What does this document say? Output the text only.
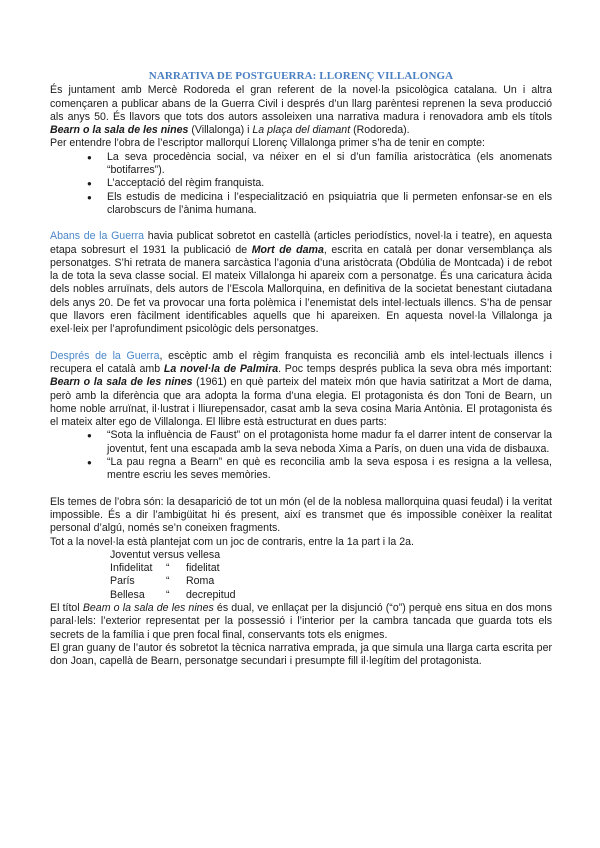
NARRATIVA DE POSTGUERRA: LLORENÇ VILLALONGA

És juntament amb Mercè Rodoreda el gran referent de la novel·la psicològica catalana. Un i altra començaren a publicar abans de la Guerra Civil i després d’un llarg parèntesi reprenen la seva producció als anys 50. És llavors que tots dos autors assoleixen una narrativa madura i renovadora amb els títols Bearn o la sala de les nines (Villalonga) i La plaça del diamant (Rodoreda).

Per entendre l’obra de l’escriptor mallorquí Llorenç Villalonga primer s’ha de tenir en compte:

● La seva procedència social, va néixer en el si d’un família aristocràtica (els anomenats “botifarres”).
● L’acceptació del règim franquista.
● Els estudis de medicina i l’especialització en psiquiatria que li permeten enfonsar-se en els clarobscurs de l’ànima humana.

Abans de la Guerra havia publicat sobretot en castellà (articles periodístics, novel·la i teatre), en aquesta etapa sobresurt el 1931 la publicació de Mort de dama, escrita en català per donar versemblança als personatges. S’hi retrata de manera sarcàstica l’agonia d’una aristòcrata (Obdúlia de Montcada) i de rebot la de tota la seva classe social. El mateix Villalonga hi apareix com a personatge. És una caricatura àcida dels nobles arruïnats, dels autors de l’Escola Mallorquina, en definitiva de la societat benestant ciutadana dels anys 20. De fet va provocar una forta polèmica i l’enemistat dels intel·lectuals illencs. S’ha de pensar que llavors eren fàcilment identificables aquells que hi apareixen. En aquesta novel·la Villalonga ja exel·leix per l’aprofundiment psicològic dels personatges.

Després de la Guerra, escèptic amb el règim franquista es reconcilià amb els intel·lectuals illencs i recupera el català amb La novel·la de Palmira. Poc temps després publica la seva obra més important: Bearn o la sala de les nines (1961) en què parteix del mateix món que havia satiritzat a Mort de dama, però amb la diferència que ara adopta la forma d’una elegia. El protagonista és don Toni de Bearn, un home noble arruïnat, il·lustrat i lliurepensador, casat amb la seva cosina Maria Antònia. El protagonista és el mateix alter ego de Villalonga. El llibre està estructurat en dues parts:

● “Sota la influència de Faust” on el protagonista home madur fa el darrer intent de conservar la joventut, fent una escapada amb la seva neboda Xima a París, on duen una vida de disbauxa.
● “La pau regna a Bearn” en què es reconcilia amb la seva esposa i es resigna a la vellesa, mentre escriu les seves memòries.

Els temes de l’obra són: la desaparició de tot un món (el de la noblesa mallorquina quasi feudal) i la veritat impossible. És a dir l’ambigüitat hi és present, així es transmet que és impossible conèixer la realitat personal d’algú, només se’n coneixen fragments.

Tot a la novel·la està plantejat com un joc de contraris, entre la 1a part i la 2a.

Joventut versus vellesa
Infidelitat	“	fidelitat
París	“	Roma
Bellesa	“	decrepitud

El títol Beam o la sala de les nines és dual, ve enllaçat per la disjunció (“o”) perquè ens situa en dos mons paral·lels: l’exterior representat per la possessió i l’interior per la cambra tancada que guarda tots els secrets de la família i que pren focal final, conservants tots els enigmes.

El gran guany de l’autor és sobretot la tècnica narrativa emprada, ja que simula una llarga carta escrita per don Joan, capellà de Bearn, personatge secundari i presumpte fill il·legítim del protagonista.
